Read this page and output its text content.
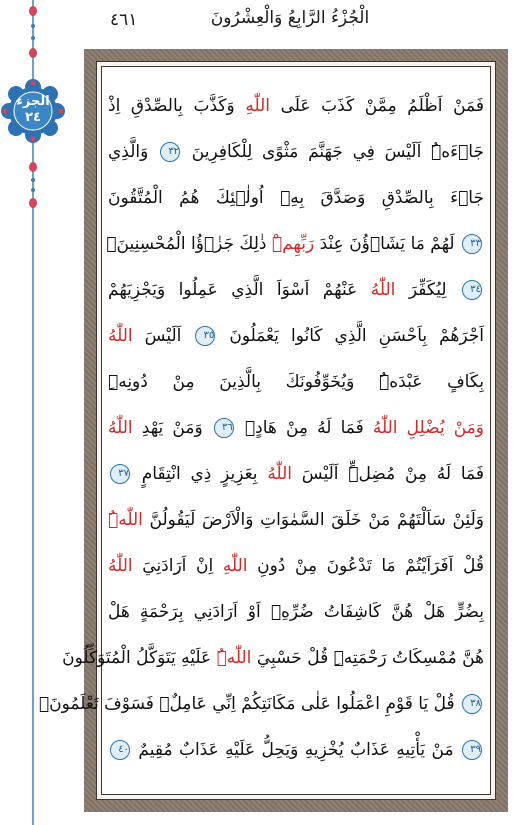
الجزء
٢٤
الْجُزْءُ الرَّابِعُ وَالْعِشْرُونَ
٤٦١
فَمَنْ اَظْلَمُ مِمَّنْ كَذَبَ عَلَى اللّٰهِ وَكَذَّبَ بِالصِّدْقِ اِذْ
جَاۤءَهُۜ اَلَيْسَ فِي جَهَنَّمَ مَثْوًى لِلْكَافِرِينَ ٣٢ وَالَّذِي
جَاۤءَ بِالصِّدْقِ وَصَدَّقَ بِهِۤ اُولٰۤئِكَ هُمُ الْمُتَّقُونَ
٣٣ لَهُمْ مَا يَشَاۤؤُنَ عِنْدَ رَبِّهِمْۜ ذٰلِكَ جَزٰۤؤُا الْمُحْسِنِينَۚ
٣٤ لِيُكَفِّرَ اللّٰهُ عَنْهُمْ اَسْوَاَ الَّذِي عَمِلُوا وَيَجْزِيَهُمْ
اَجْرَهُمْ بِاَحْسَنِ الَّذِي كَانُوا يَعْمَلُونَ ٣٥ اَلَيْسَ اللّٰهُ
بِكَافٍ عَبْدَهُۜ وَيُخَوِّفُونَكَ بِالَّذِينَ مِنْ دُونِهِۜ
وَمَنْ يُضْلِلِ اللّٰهُ فَمَا لَهُ مِنْ هَادٍۚ ٣٦ وَمَنْ يَهْدِ اللّٰهُ
فَمَا لَهُ مِنْ مُضِلٍّۜ اَلَيْسَ اللّٰهُ بِعَزِيزٍ ذِي انْتِقَامٍ ٣٧
وَلَئِنْ سَاَلْتَهُمْ مَنْ خَلَقَ السَّمٰوَاتِ وَالْاَرْضَ لَيَقُولُنَّ اللّٰهُۜ
قُلْ اَفَرَاَيْتُمْ مَا تَدْعُونَ مِنْ دُونِ اللّٰهِ اِنْ اَرَادَنِيَ اللّٰهُ
بِضُرٍّ هَلْ هُنَّ كَاشِفَاتُ ضُرِّهِۤ اَوْ اَرَادَنِي بِرَحْمَةٍ هَلْ
هُنَّ مُمْسِكَاتُ رَحْمَتِهِۜ قُلْ حَسْبِيَ اللّٰهُۜ عَلَيْهِ يَتَوَكَّلُ الْمُتَوَكِّلُونَ
٣٨ قُلْ يَا قَوْمِ اعْمَلُوا عَلٰى مَكَانَتِكُمْ اِنِّي عَامِلٌۚ فَسَوْفَ تَعْلَمُونَۙ
٣٩ مَنْ يَأْتِيهِ عَذَابٌ يُخْزِيهِ وَيَحِلُّ عَلَيْهِ عَذَابٌ مُقِيمٌ ٤٠
